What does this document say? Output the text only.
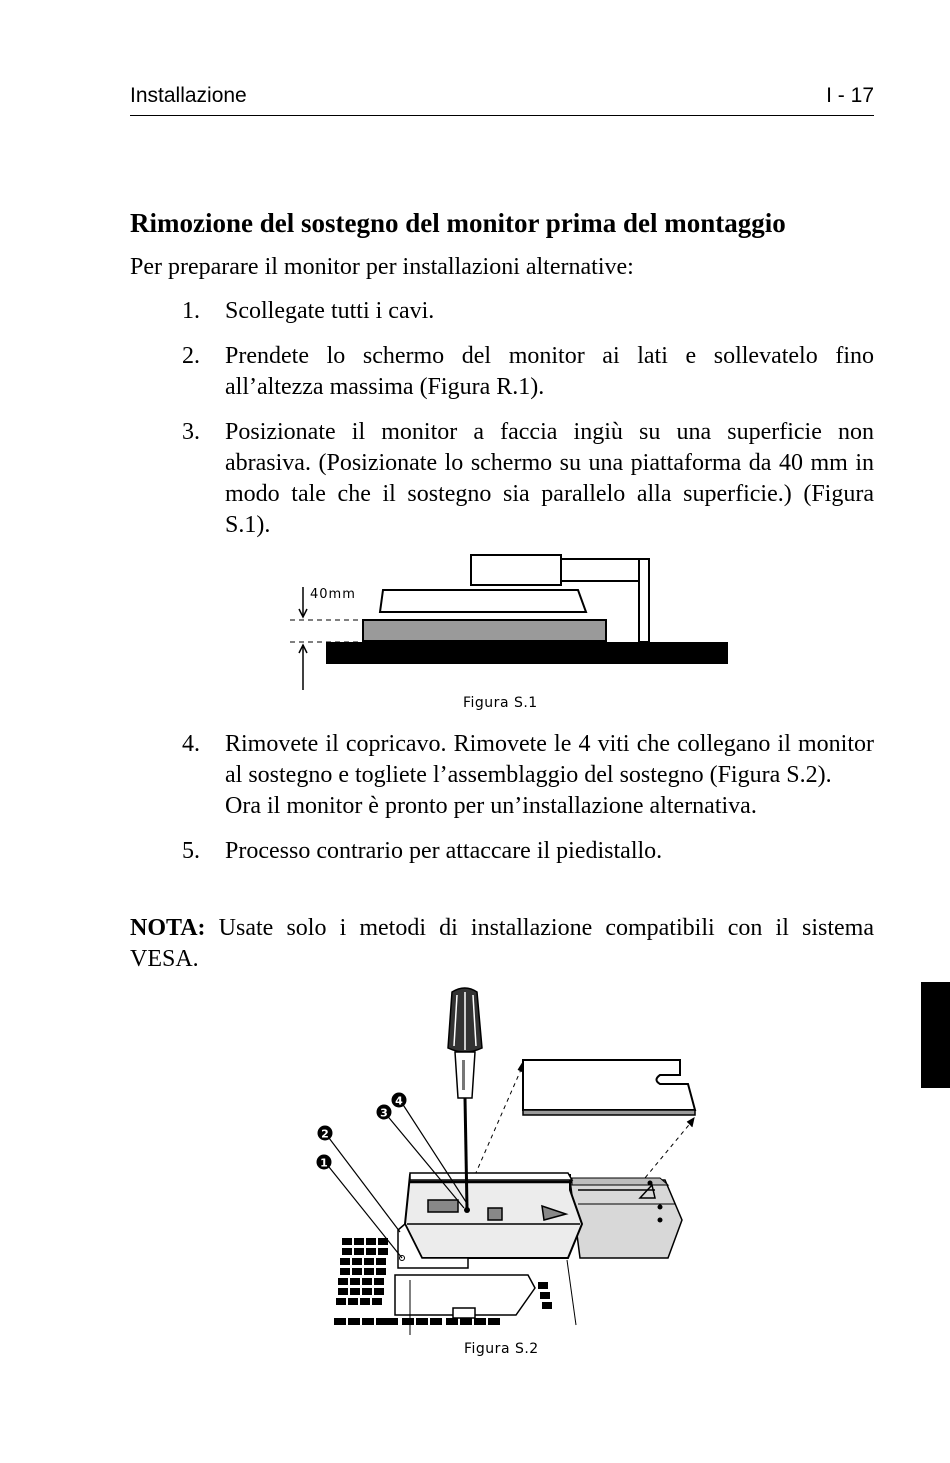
Installazione	I - 17
Rimozione del sostegno del monitor prima del montaggio

Per preparare il monitor per installazioni alternative:

1. Scollegate tutti i cavi.
2. Prendete lo schermo del monitor ai lati e sollevatelo fino all’altezza massima (Figura R.1).
3. Posizionate il monitor a faccia ingiù su una superficie non abrasiva. (Posizionate lo schermo su una piattaforma da 40 mm in modo tale che il sostegno sia parallelo alla superficie.) (Figura S.1).
40mm
Figura S.1
4. Rimovete il copricavo. Rimovete le 4 viti che collegano il monitor al sostegno e togliete l’assemblaggio del sostegno (Figura S.2).
Ora il monitor è pronto per un’installazione alternativa.
5. Processo contrario per attaccare il piedistallo.

NOTA: Usate solo i metodi di installazione compatibili con il sistema VESA.

1
2
3
4
Figura S.2
